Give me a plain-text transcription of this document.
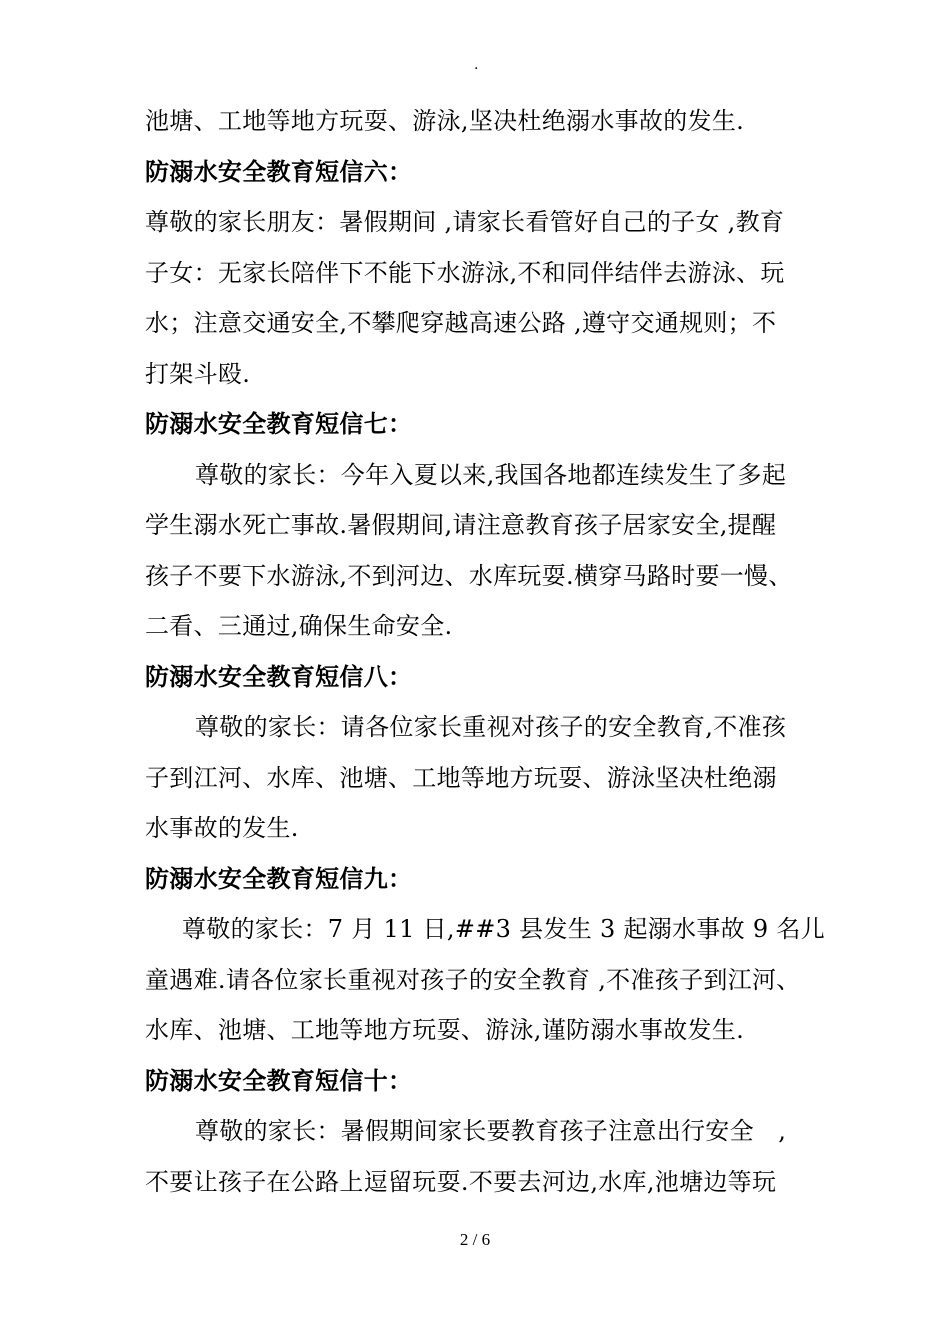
.
池塘、工地等地方玩耍、游泳,坚决杜绝溺水事故的发生.
防溺水安全教育短信六：
尊敬的家长朋友：暑假期间 ,请家长看管好自己的子女 ,教育
子女：无家长陪伴下不能下水游泳,不和同伴结伴去游泳、玩
水；注意交通安全,不攀爬穿越高速公路 ,遵守交通规则；不
打架斗殴.
防溺水安全教育短信七：
尊敬的家长：今年入夏以来,我国各地都连续发生了多起
学生溺水死亡事故.暑假期间,请注意教育孩子居家安全,提醒
孩子不要下水游泳,不到河边、水库玩耍.横穿马路时要一慢、
二看、三通过,确保生命安全.
防溺水安全教育短信八：
尊敬的家长：请各位家长重视对孩子的安全教育,不准孩
子到江河、水库、池塘、工地等地方玩耍、游泳坚决杜绝溺
水事故的发生.
防溺水安全教育短信九：
尊敬的家长：7 月 11 日,##3 县发生 3 起溺水事故 9 名儿
童遇难.请各位家长重视对孩子的安全教育 ,不准孩子到江河、
水库、池塘、工地等地方玩耍、游泳,谨防溺水事故发生.
防溺水安全教育短信十：
尊敬的家长：暑假期间家长要教育孩子注意出行安全　,
不要让孩子在公路上逗留玩耍.不要去河边,水库,池塘边等玩
2 / 6
